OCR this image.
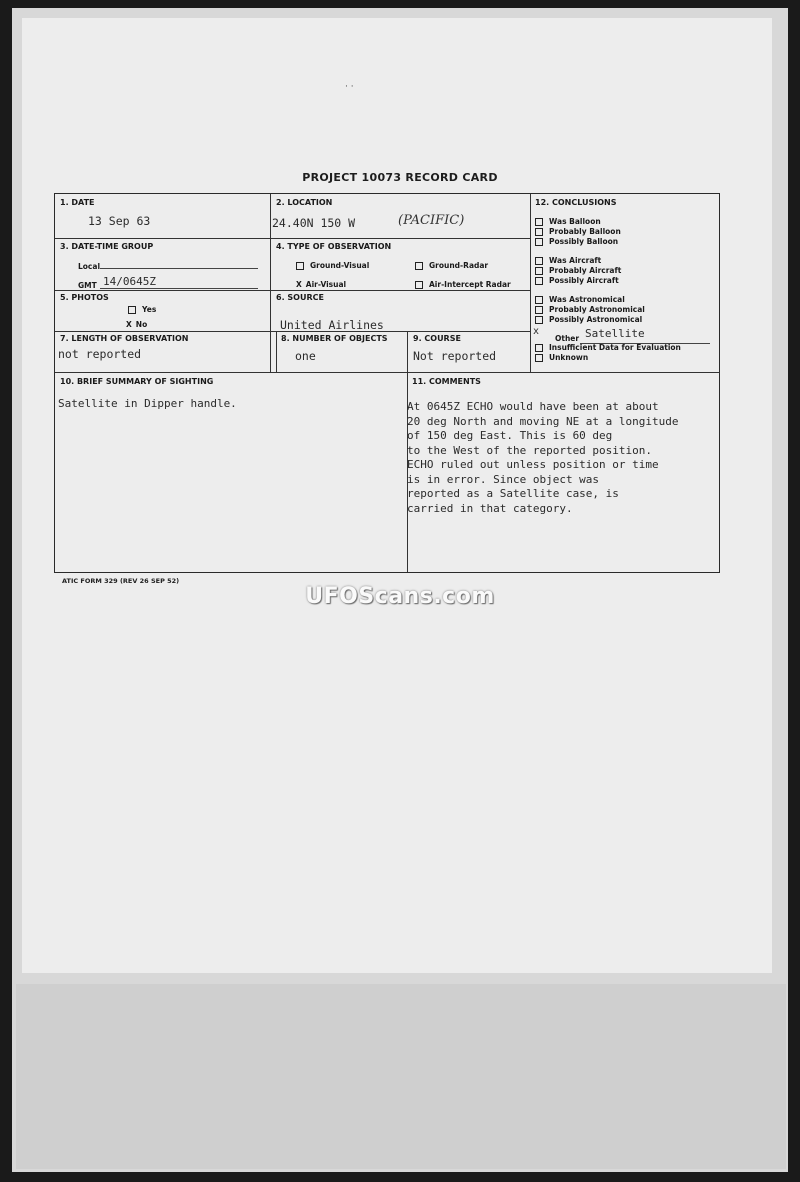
· ·
PROJECT 10073 RECORD CARD
1. DATE
13 Sep 63
2. LOCATION
24.40N 150 W	(PACIFIC)
12. CONCLUSIONS
Was Balloon
Probably Balloon
Possibly Balloon
Was Aircraft
Probably Aircraft
Possibly Aircraft
Was Astronomical
Probably Astronomical
Possibly Astronomical
x
Other Satellite
Insufficient Data for Evaluation
Unknown
3. DATE-TIME GROUP
Local
GMT 14/0645Z
4. TYPE OF OBSERVATION
Ground-Visual	Ground-Radar
X Air-Visual	Air-Intercept Radar
5. PHOTOS
Yes
X No
6. SOURCE
United Airlines
7. LENGTH OF OBSERVATION
not reported
8. NUMBER OF OBJECTS
one
9. COURSE
Not reported
10. BRIEF SUMMARY OF SIGHTING
Satellite in Dipper handle.
11. COMMENTS
At 0645Z ECHO would have been at about
20 deg North and moving NE at a longitude
of 150 deg East. This is 60 deg
to the West of the reported position.
ECHO ruled out unless position or time
is in error. Since object was
reported as a Satellite case, is
carried in that category.
ATIC FORM 329 (REV 26 SEP 52)
UFOScans.com
